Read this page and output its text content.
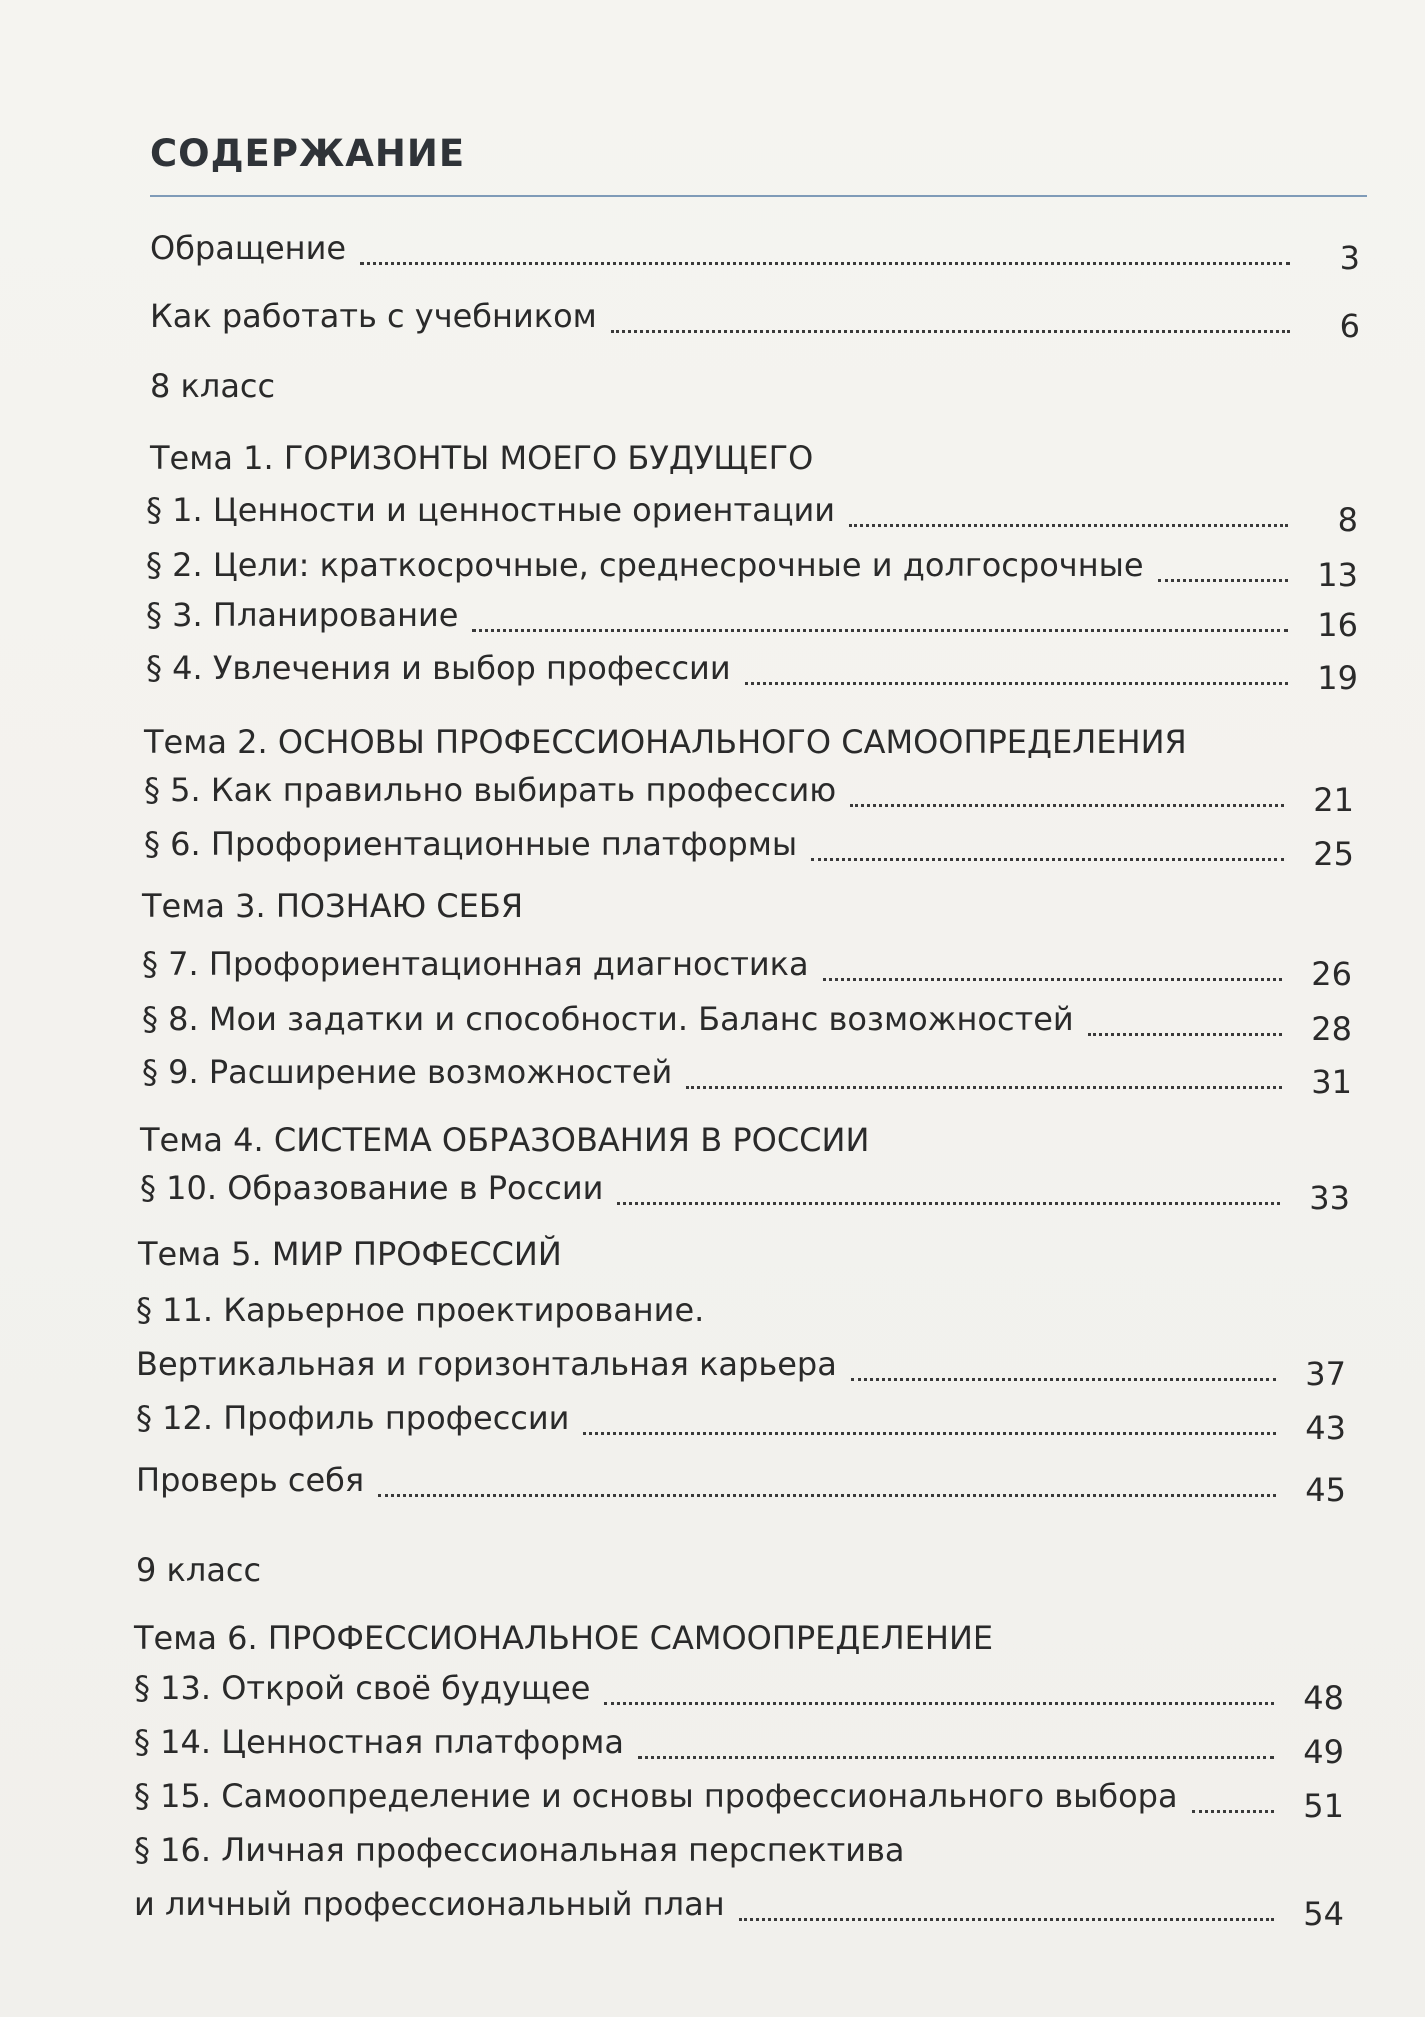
СОДЕРЖАНИЕ
Обращение	3
Как работать с учебником	6
8 класс
Тема 1. ГОРИЗОНТЫ МОЕГО БУДУЩЕГО
§ 1. Ценности и ценностные ориентации	8
§ 2. Цели: краткосрочные, среднесрочные и долгосрочные	13
§ 3. Планирование	16
§ 4. Увлечения и выбор профессии	19
Тема 2. ОСНОВЫ ПРОФЕССИОНАЛЬНОГО САМООПРЕДЕЛЕНИЯ
§ 5. Как правильно выбирать профессию	21
§ 6. Профориентационные платформы	25
Тема 3. ПОЗНАЮ СЕБЯ
§ 7. Профориентационная диагностика	26
§ 8. Мои задатки и способности. Баланс возможностей	28
§ 9. Расширение возможностей	31
Тема 4. СИСТЕМА ОБРАЗОВАНИЯ В РОССИИ
§ 10. Образование в России	33
Тема 5. МИР ПРОФЕССИЙ
§ 11. Карьерное проектирование.
Вертикальная и горизонтальная карьера	37
§ 12. Профиль профессии	43
Проверь себя	45
9 класс
Тема 6. ПРОФЕССИОНАЛЬНОЕ САМООПРЕДЕЛЕНИЕ
§ 13. Открой своё будущее	48
§ 14. Ценностная платформа	49
§ 15. Самоопределение и основы профессионального выбора	51
§ 16. Личная профессиональная перспектива
и личный профессиональный план	54
